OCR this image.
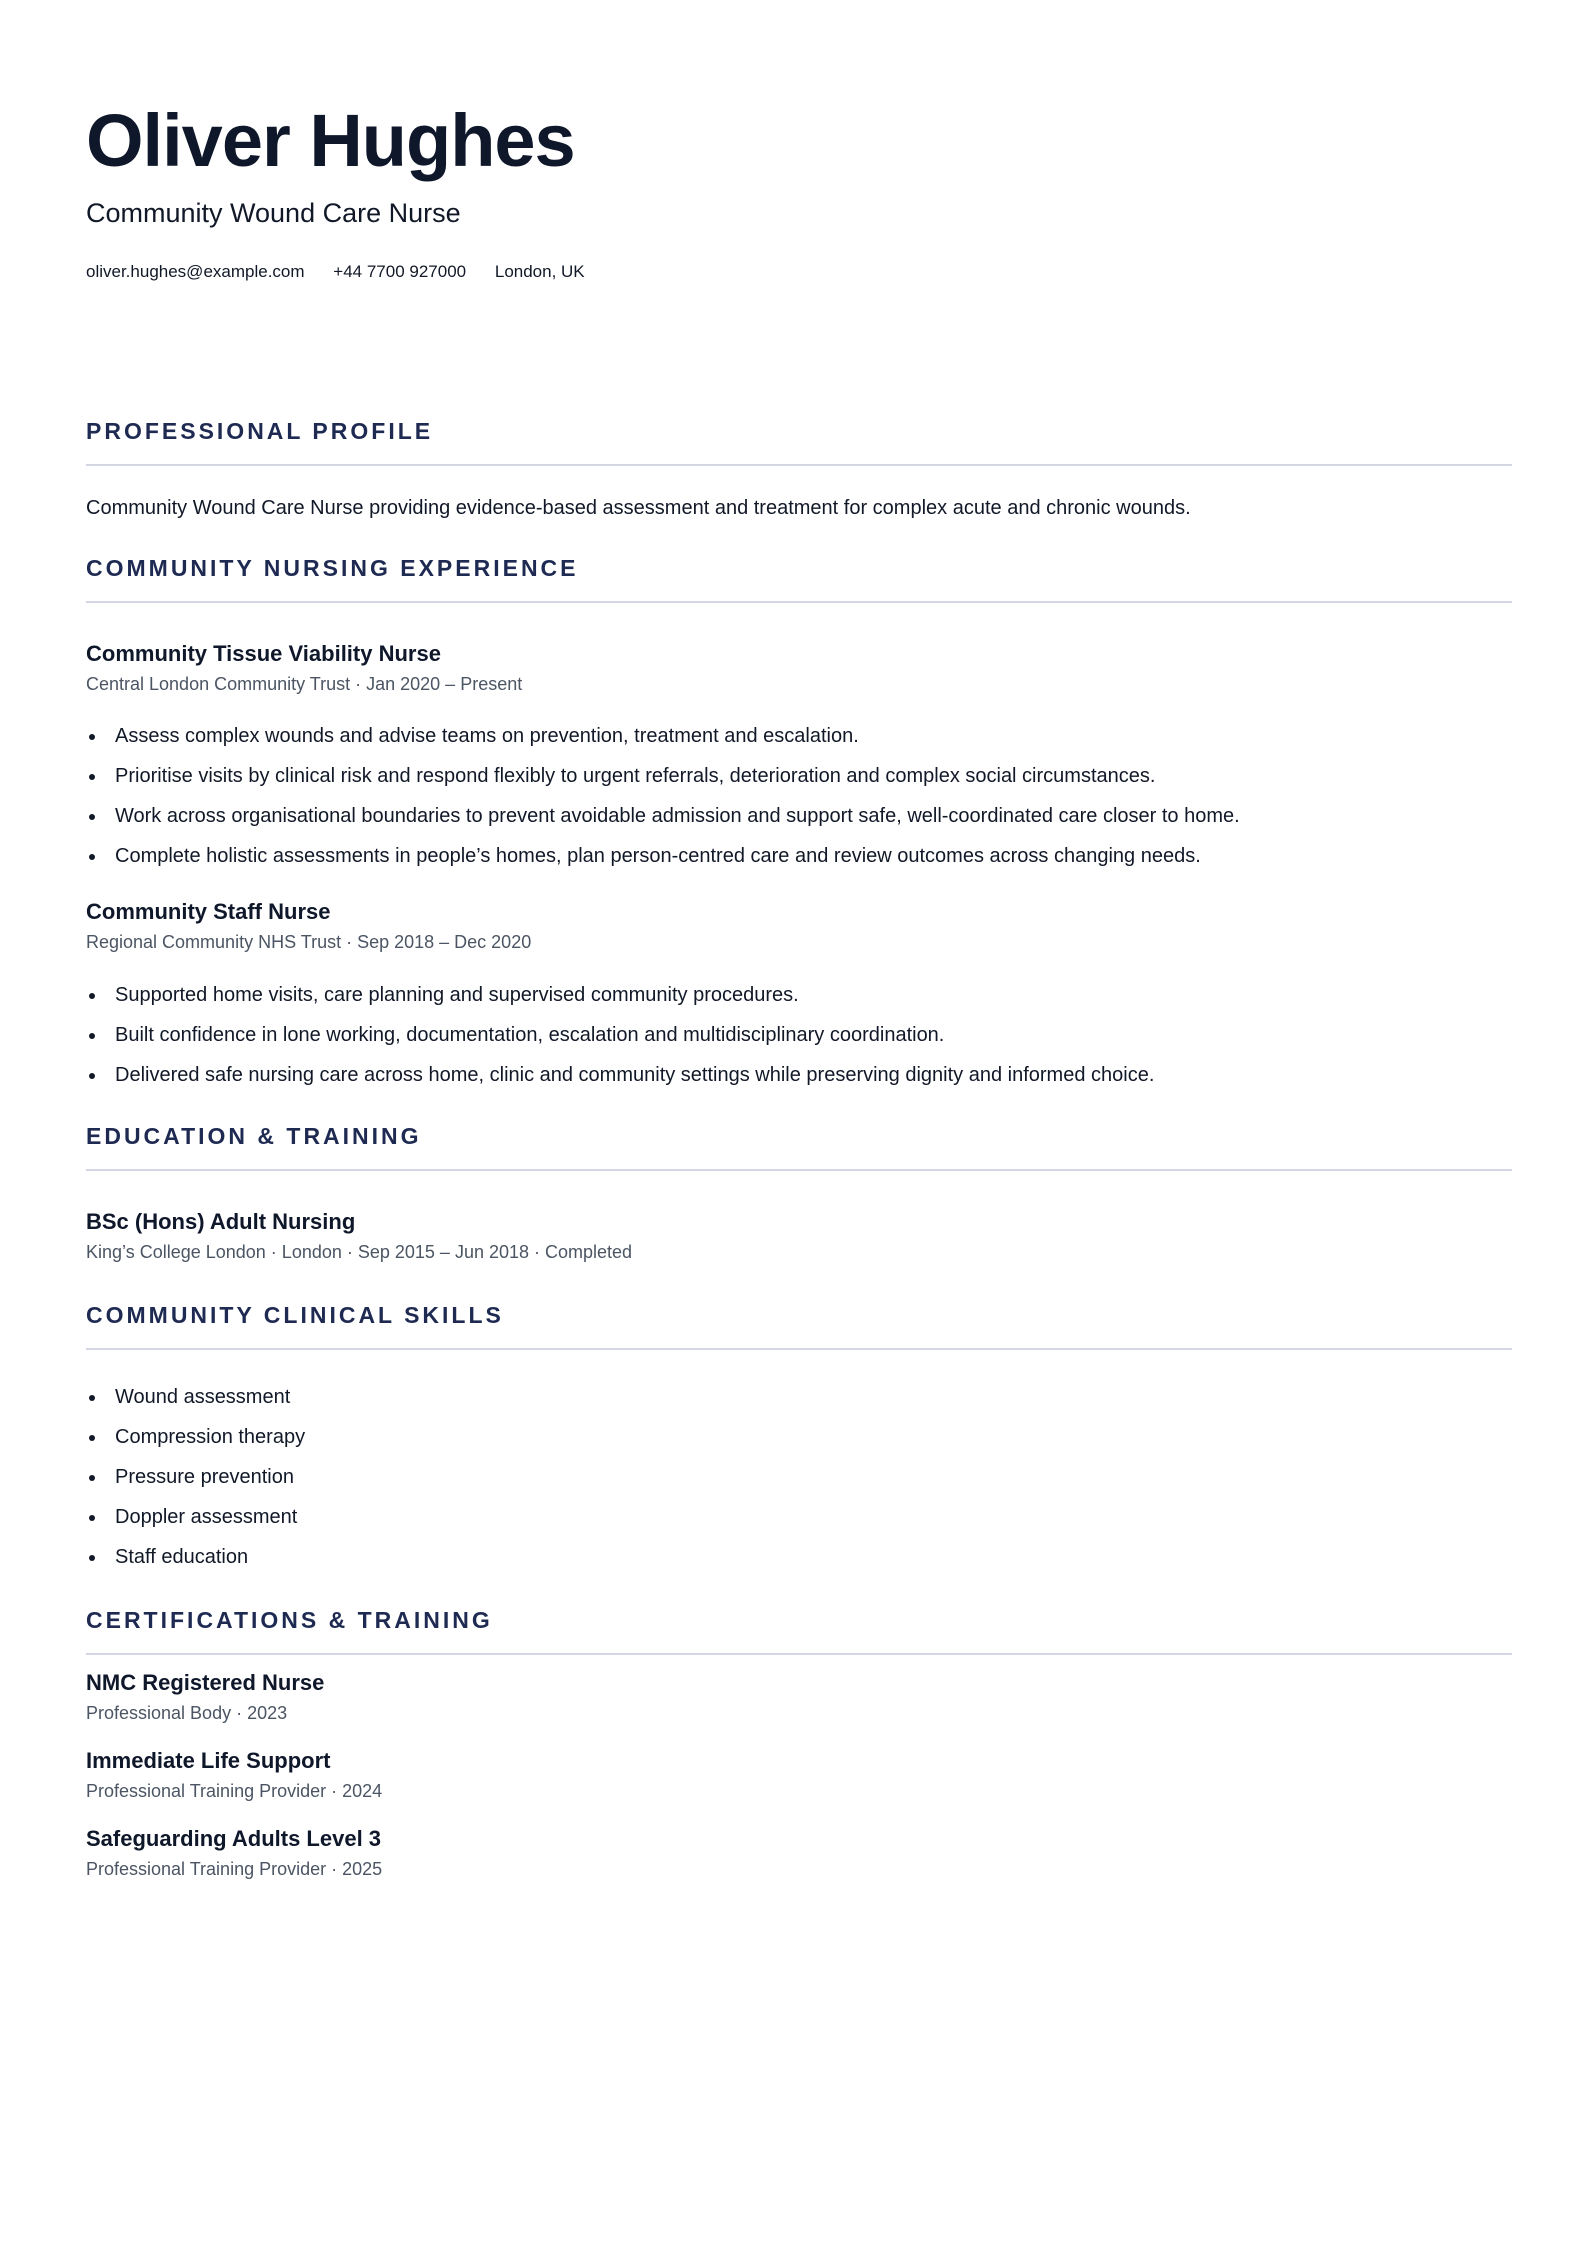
Oliver Hughes
Community Wound Care Nurse
oliver.hughes@example.com +44 7700 927000 London, UK
PROFESSIONAL PROFILE
Community Wound Care Nurse providing evidence-based assessment and treatment for complex acute and chronic wounds.
COMMUNITY NURSING EXPERIENCE
Community Tissue Viability Nurse
Central London Community Trust · Jan 2020 – Present
Assess complex wounds and advise teams on prevention, treatment and escalation.
Prioritise visits by clinical risk and respond flexibly to urgent referrals, deterioration and complex social circumstances.
Work across organisational boundaries to prevent avoidable admission and support safe, well-coordinated care closer to home.
Complete holistic assessments in people’s homes, plan person-centred care and review outcomes across changing needs.
Community Staff Nurse
Regional Community NHS Trust · Sep 2018 – Dec 2020
Supported home visits, care planning and supervised community procedures.
Built confidence in lone working, documentation, escalation and multidisciplinary coordination.
Delivered safe nursing care across home, clinic and community settings while preserving dignity and informed choice.
EDUCATION & TRAINING
BSc (Hons) Adult Nursing
King’s College London · London · Sep 2015 – Jun 2018 · Completed
COMMUNITY CLINICAL SKILLS
Wound assessment
Compression therapy
Pressure prevention
Doppler assessment
Staff education
CERTIFICATIONS & TRAINING
NMC Registered Nurse
Professional Body · 2023
Immediate Life Support
Professional Training Provider · 2024
Safeguarding Adults Level 3
Professional Training Provider · 2025
